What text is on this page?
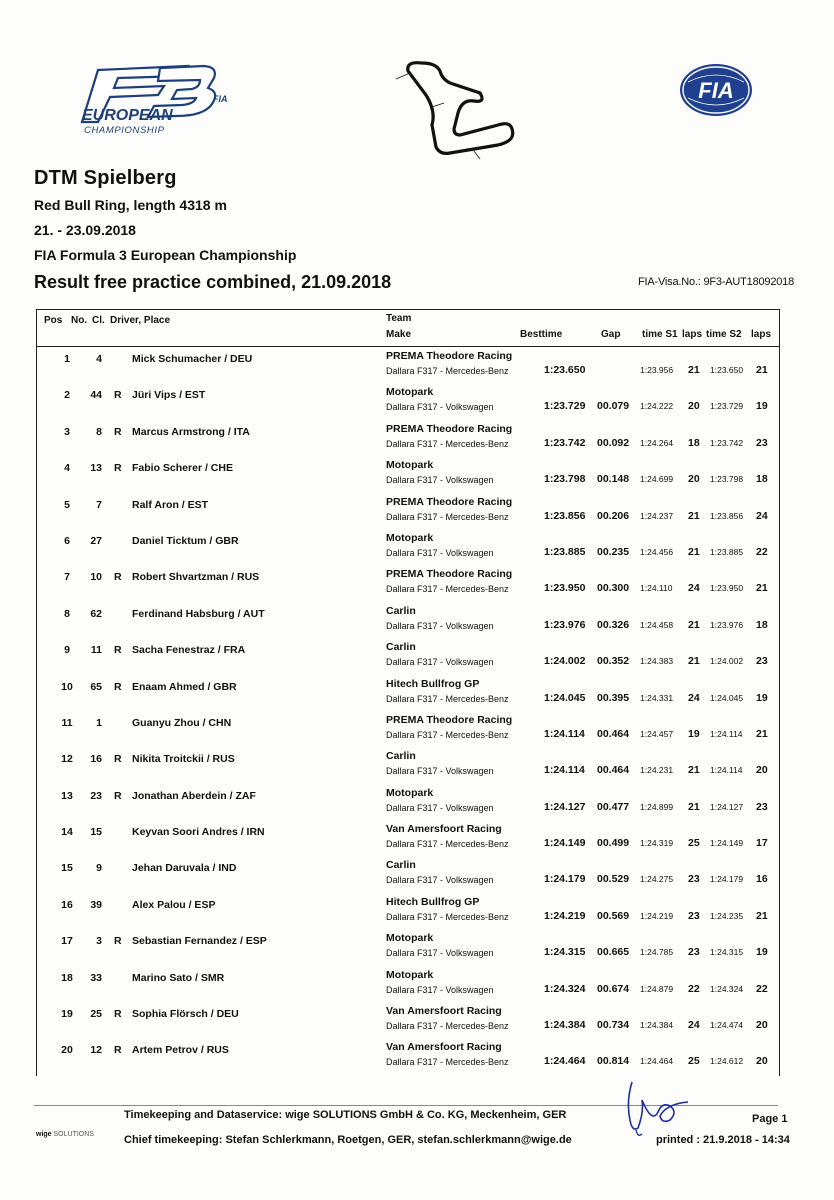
FIA
EUROPEAN
CHAMPIONSHIP
FIA
DTM Spielberg
Red Bull Ring, length 4318 m
21. - 23.09.2018
FIA Formula 3 European Championship
Result free practice combined, 21.09.2018	FIA-Visa.No.: 9F3-AUT18092018
Pos No. Cl. Driver, Place	Team
Make	Besttime	Gap time S1 laps time S2 laps
1	4	Mick Schumacher / DEU	PREMA Theodore Racing
Dallara F317 - Mercedes-Benz	1:23.650	1:23.956 21 1:23.650 21
2	44 R Jüri Vips / EST	Motopark
Dallara F317 - Volkswagen	1:23.729 00.079 1:24.222 20 1:23.729 19
3	8 R Marcus Armstrong / ITA	PREMA Theodore Racing
Dallara F317 - Mercedes-Benz	1:23.742 00.092 1:24.264 18 1:23.742 23
4	13 R Fabio Scherer / CHE	Motopark
Dallara F317 - Volkswagen	1:23.798 00.148 1:24.699 20 1:23.798 18
5	7	Ralf Aron / EST	PREMA Theodore Racing
Dallara F317 - Mercedes-Benz	1:23.856 00.206 1:24.237 21 1:23.856 24
6	27	Daniel Ticktum / GBR	Motopark
Dallara F317 - Volkswagen	1:23.885 00.235 1:24.456 21 1:23.885 22
7	10 R Robert Shvartzman / RUS	PREMA Theodore Racing
Dallara F317 - Mercedes-Benz	1:23.950 00.300 1:24.110 24 1:23.950 21
8	62	Ferdinand Habsburg / AUT	Carlin
Dallara F317 - Volkswagen	1:23.976 00.326 1:24.458 21 1:23.976 18
9	11 R Sacha Fenestraz / FRA	Carlin
Dallara F317 - Volkswagen	1:24.002 00.352 1:24.383 21 1:24.002 23
10	65 R Enaam Ahmed / GBR	Hitech Bullfrog GP
Dallara F317 - Mercedes-Benz	1:24.045 00.395 1:24.331 24 1:24.045 19
11	1	Guanyu Zhou / CHN	PREMA Theodore Racing
Dallara F317 - Mercedes-Benz	1:24.114 00.464 1:24.457 19 1:24.114 21
12	16 R Nikita Troitckii / RUS	Carlin
Dallara F317 - Volkswagen	1:24.114 00.464 1:24.231 21 1:24.114 20
13	23 R Jonathan Aberdein / ZAF	Motopark
Dallara F317 - Volkswagen	1:24.127 00.477 1:24.899 21 1:24.127 23
14	15	Keyvan Soori Andres / IRN	Van Amersfoort Racing
Dallara F317 - Mercedes-Benz	1:24.149 00.499 1:24.319 25 1:24.149 17
15	9	Jehan Daruvala / IND	Carlin
Dallara F317 - Volkswagen	1:24.179 00.529 1:24.275 23 1:24.179 16
16	39	Alex Palou / ESP	Hitech Bullfrog GP
Dallara F317 - Mercedes-Benz	1:24.219 00.569 1:24.219 23 1:24.235 21
17	3 R Sebastian Fernandez / ESP	Motopark
Dallara F317 - Volkswagen	1:24.315 00.665 1:24.785 23 1:24.315 19
18	33	Marino Sato / SMR	Motopark
Dallara F317 - Volkswagen	1:24.324 00.674 1:24.879 22 1:24.324 22
19	25 R Sophia Flörsch / DEU	Van Amersfoort Racing
Dallara F317 - Mercedes-Benz	1:24.384 00.734 1:24.384 24 1:24.474 20
20	12 R Artem Petrov / RUS	Van Amersfoort Racing
Dallara F317 - Mercedes-Benz	1:24.464 00.814 1:24.464 25 1:24.612 20
wige SOLUTIONS
Timekeeping and Dataservice: wige SOLUTIONS GmbH & Co. KG, Meckenheim, GER
Chief timekeeping: Stefan Schlerkmann, Roetgen, GER, stefan.schlerkmann@wige.de
Page 1
printed : 21.9.2018 - 14:34
